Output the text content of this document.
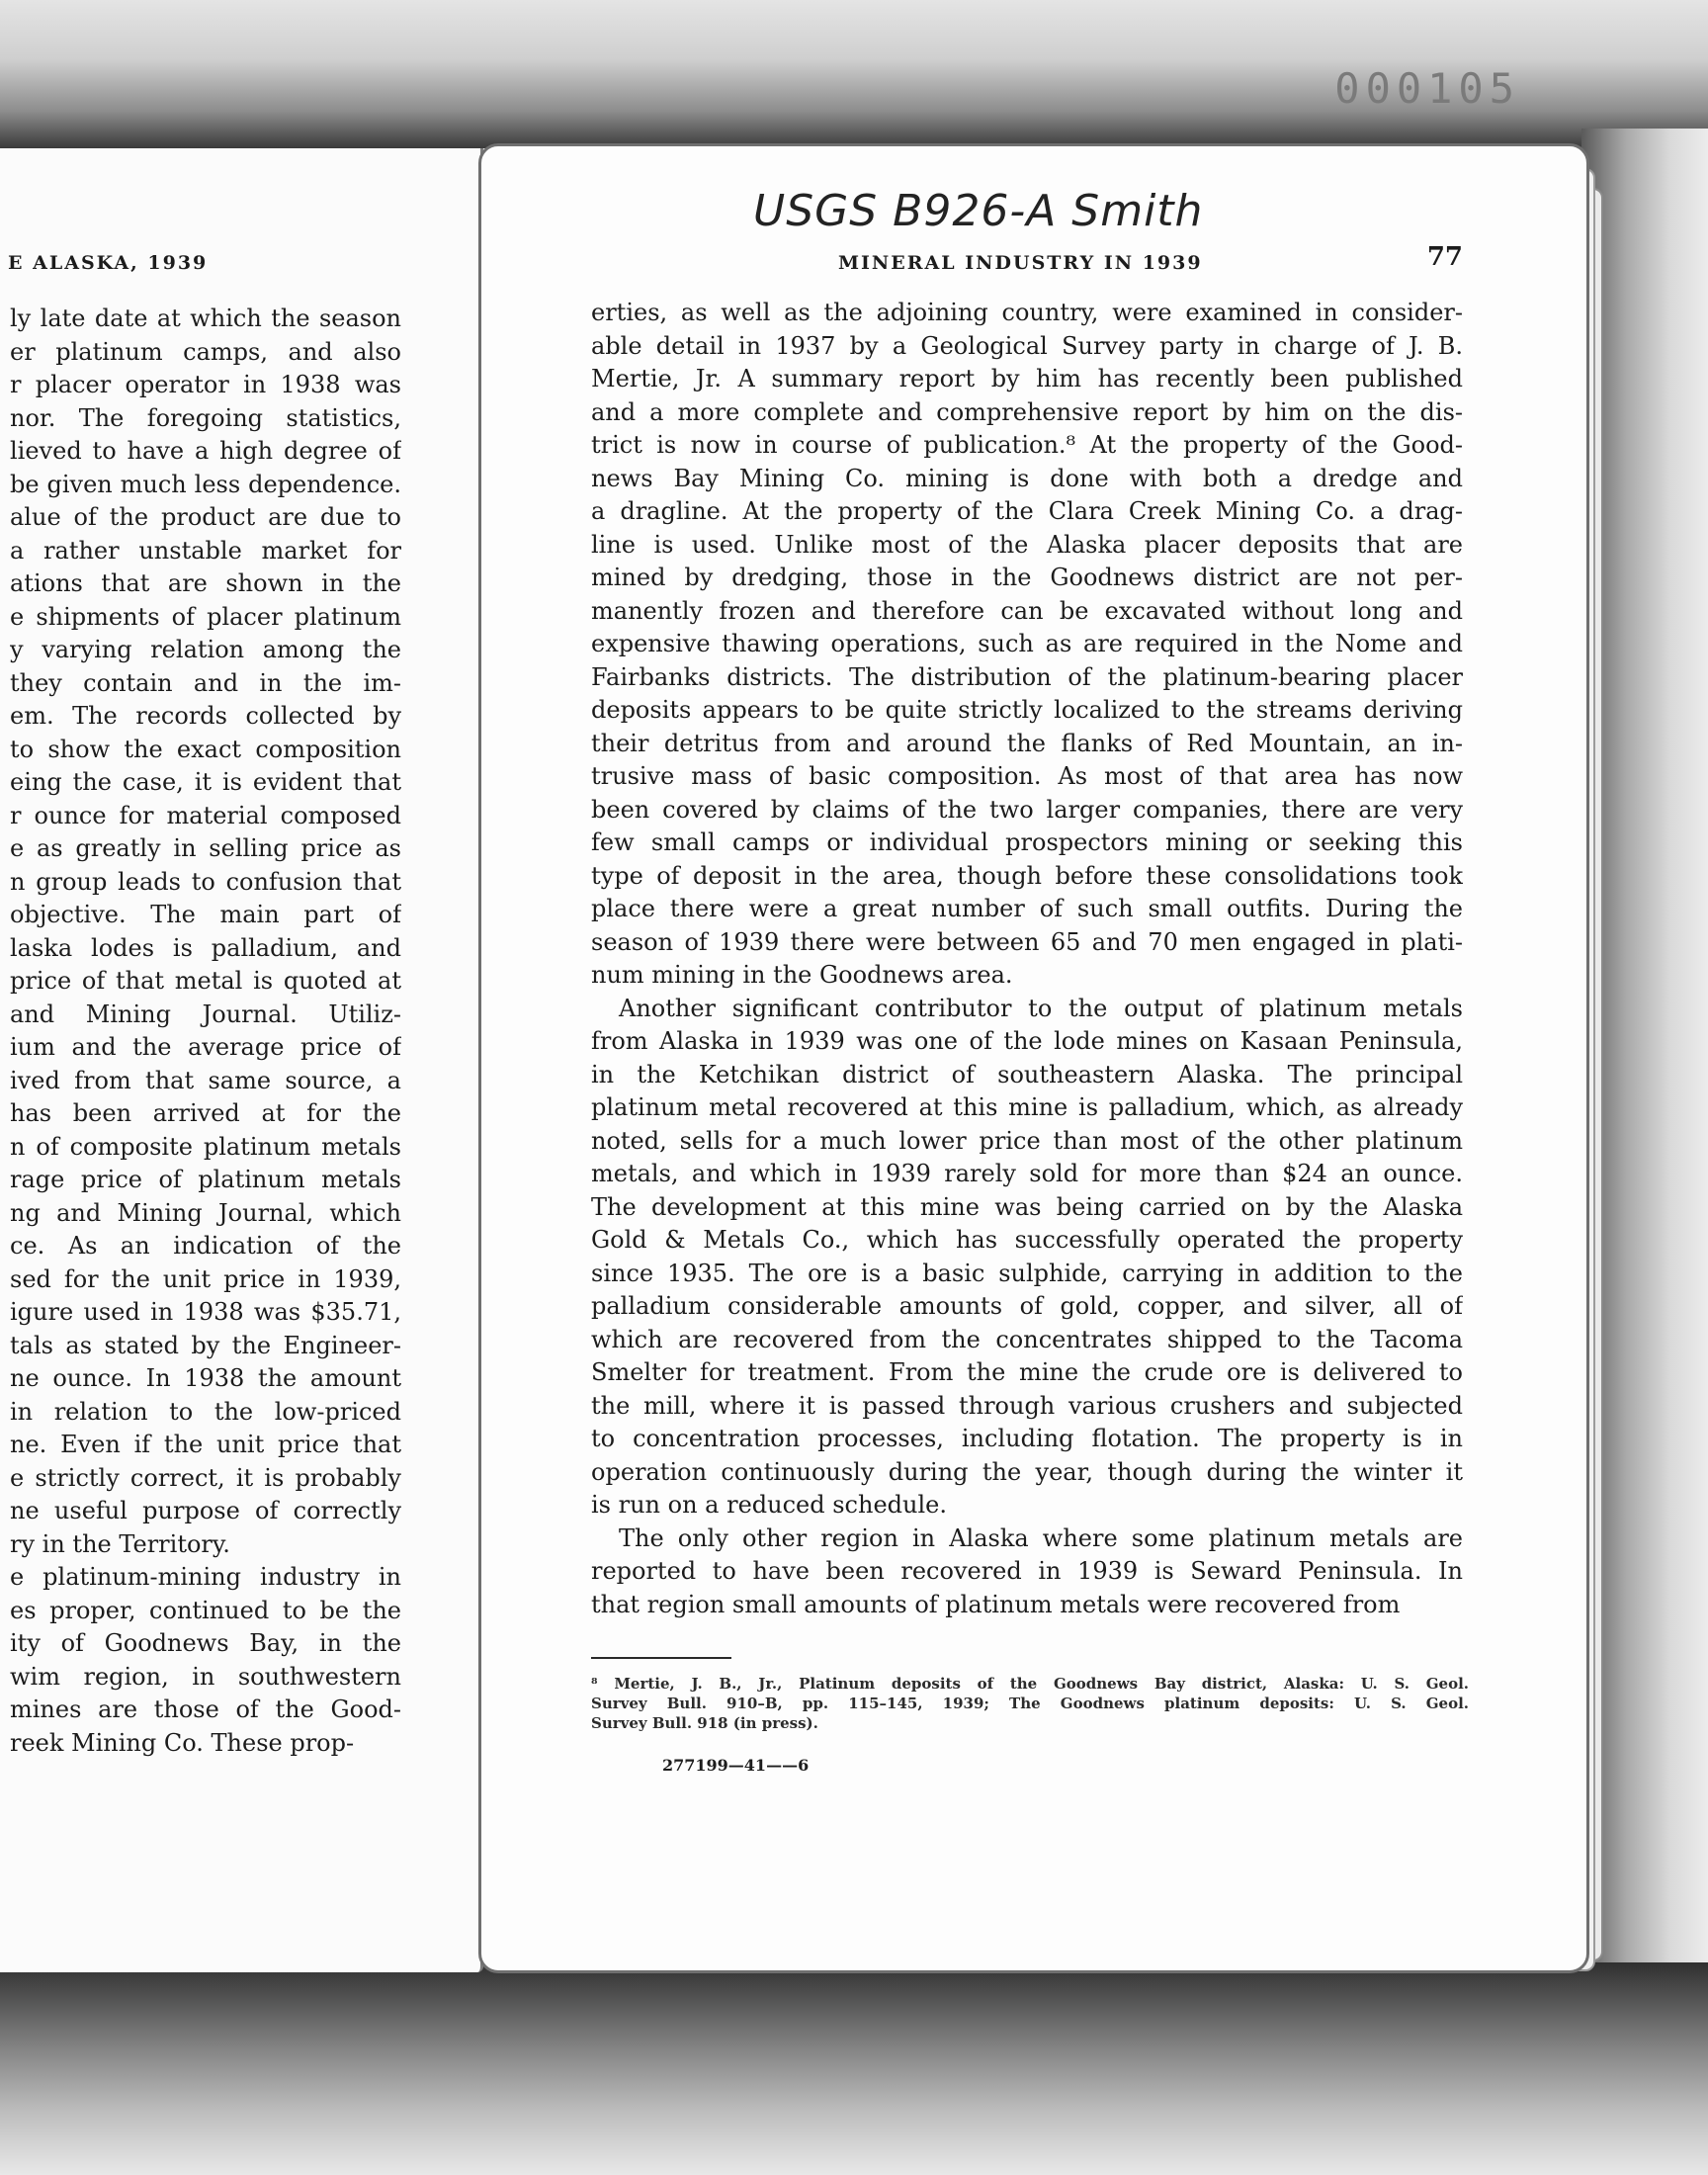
000105
E ALASKA, 1939
ly late date at which the season
er platinum camps, and also
r placer operator in 1938 was
nor. The foregoing statistics,
lieved to have a high degree of
be given much less dependence.
alue of the product are due to
a rather unstable market for
ations that are shown in the
e shipments of placer platinum
y varying relation among the
they contain and in the im-
em. The records collected by
to show the exact composition
eing the case, it is evident that
r ounce for material composed
e as greatly in selling price as
n group leads to confusion that
objective. The main part of
laska lodes is palladium, and
price of that metal is quoted at
and Mining Journal. Utiliz-
ium and the average price of
ived from that same source, a
has been arrived at for the
n of composite platinum metals
rage price of platinum metals
ng and Mining Journal, which
ce. As an indication of the
sed for the unit price in 1939,
igure used in 1938 was $35.71,
tals as stated by the Engineer-
ne ounce. In 1938 the amount
in relation to the low-priced
ne. Even if the unit price that
e strictly correct, it is probably
ne useful purpose of correctly
ry in the Territory.
e platinum-mining industry in
es proper, continued to be the
ity of Goodnews Bay, in the
wim region, in southwestern
mines are those of the Good-
reek Mining Co. These prop-
USGS B926-A Smith
MINERAL INDUSTRY IN 1939	77
erties, as well as the adjoining country, were examined in consider-
able detail in 1937 by a Geological Survey party in charge of J. B.
Mertie, Jr. A summary report by him has recently been published
and a more complete and comprehensive report by him on the dis-
trict is now in course of publication.⁸ At the property of the Good-
news Bay Mining Co. mining is done with both a dredge and
a dragline. At the property of the Clara Creek Mining Co. a drag-
line is used. Unlike most of the Alaska placer deposits that are
mined by dredging, those in the Goodnews district are not per-
manently frozen and therefore can be excavated without long and
expensive thawing operations, such as are required in the Nome and
Fairbanks districts. The distribution of the platinum-bearing placer
deposits appears to be quite strictly localized to the streams deriving
their detritus from and around the flanks of Red Mountain, an in-
trusive mass of basic composition. As most of that area has now
been covered by claims of the two larger companies, there are very
few small camps or individual prospectors mining or seeking this
type of deposit in the area, though before these consolidations took
place there were a great number of such small outfits. During the
season of 1939 there were between 65 and 70 men engaged in plati-
num mining in the Goodnews area.
Another significant contributor to the output of platinum metals
from Alaska in 1939 was one of the lode mines on Kasaan Peninsula,
in the Ketchikan district of southeastern Alaska. The principal
platinum metal recovered at this mine is palladium, which, as already
noted, sells for a much lower price than most of the other platinum
metals, and which in 1939 rarely sold for more than $24 an ounce.
The development at this mine was being carried on by the Alaska
Gold & Metals Co., which has successfully operated the property
since 1935. The ore is a basic sulphide, carrying in addition to the
palladium considerable amounts of gold, copper, and silver, all of
which are recovered from the concentrates shipped to the Tacoma
Smelter for treatment. From the mine the crude ore is delivered to
the mill, where it is passed through various crushers and subjected
to concentration processes, including flotation. The property is in
operation continuously during the year, though during the winter it
is run on a reduced schedule.
The only other region in Alaska where some platinum metals are
reported to have been recovered in 1939 is Seward Peninsula. In
that region small amounts of platinum metals were recovered from
⁸ Mertie, J. B., Jr., Platinum deposits of the Goodnews Bay district, Alaska: U. S. Geol.
Survey Bull. 910–B, pp. 115–145, 1939; The Goodnews platinum deposits: U. S. Geol.
Survey Bull. 918 (in press).
277199—41——6
